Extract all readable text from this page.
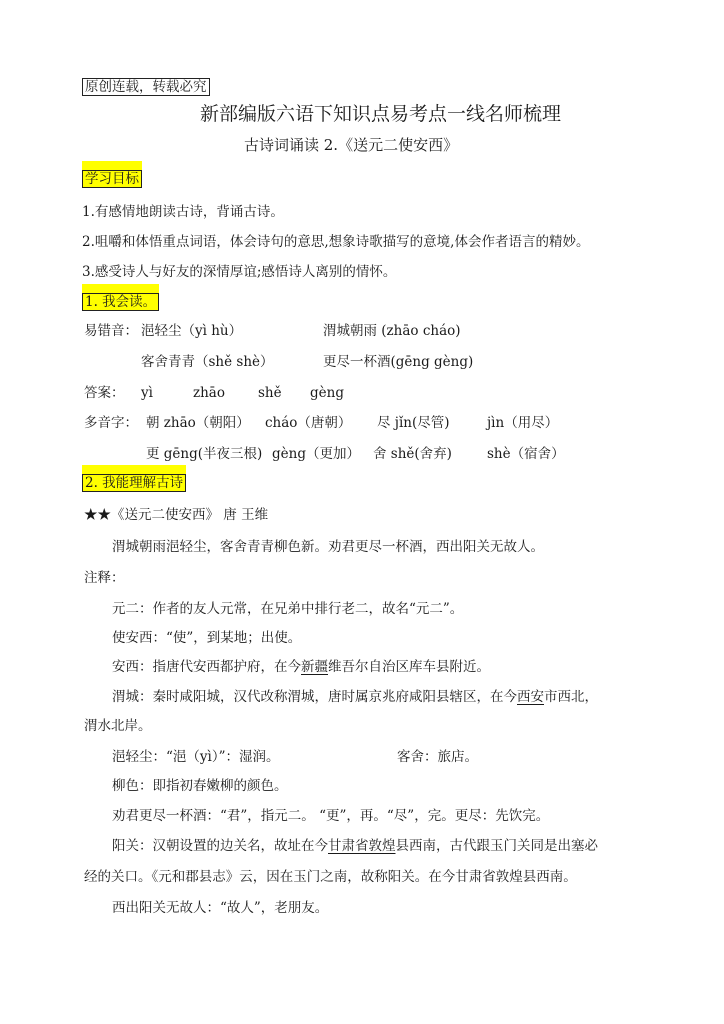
原创连载，转载必究
新部编版六语下知识点易考点一线名师梳理
古诗词诵读 2.《送元二使安西》
学习目标
1.有感情地朗读古诗，背诵古诗。
2.咀嚼和体悟重点词语，体会诗句的意思,想象诗歌描写的意境,体会作者语言的精妙。
3.感受诗人与好友的深情厚谊;感悟诗人离别的情怀。
1. 我会读。
易错音： 浥轻尘（yì hù）	渭城朝雨 (zhāo cháo)
客舍青青（shě shè）	更尽一杯酒(gēng gèng)
答案： yì	zhāo shě gèng
多音字： 朝 zhāo（朝阳） cháo（唐朝） 尽 jǐn(尽管)	jìn（用尽）
更 gēng(半夜三根) gèng（更加） 舍 shě(舍弃)	shè（宿舍）
2. 我能理解古诗
★★《送元二使安西》 唐 王维
渭城朝雨浥轻尘，客舍青青柳色新。劝君更尽一杯酒，西出阳关无故人。
注释：
元二：作者的友人元常，在兄弟中排行老二，故名“元二”。
使安西：“使”，到某地；出使。
安西：指唐代安西都护府，在今新疆维吾尔自治区库车县附近。
渭城：秦时咸阳城，汉代改称渭城，唐时属京兆府咸阳县辖区，在今西安市西北，
渭水北岸。
浥轻尘：“浥（yì）”：湿润。	客舍：旅店。
柳色：即指初春嫩柳的颜色。
劝君更尽一杯酒：“君”，指元二。 “更”，再。“尽”，完。更尽：先饮完。
阳关：汉朝设置的边关名，故址在今甘肃省敦煌县西南，古代跟玉门关同是出塞必
经的关口。《元和郡县志》云，因在玉门之南，故称阳关。在今甘肃省敦煌县西南。
西出阳关无故人：“故人”，老朋友。
